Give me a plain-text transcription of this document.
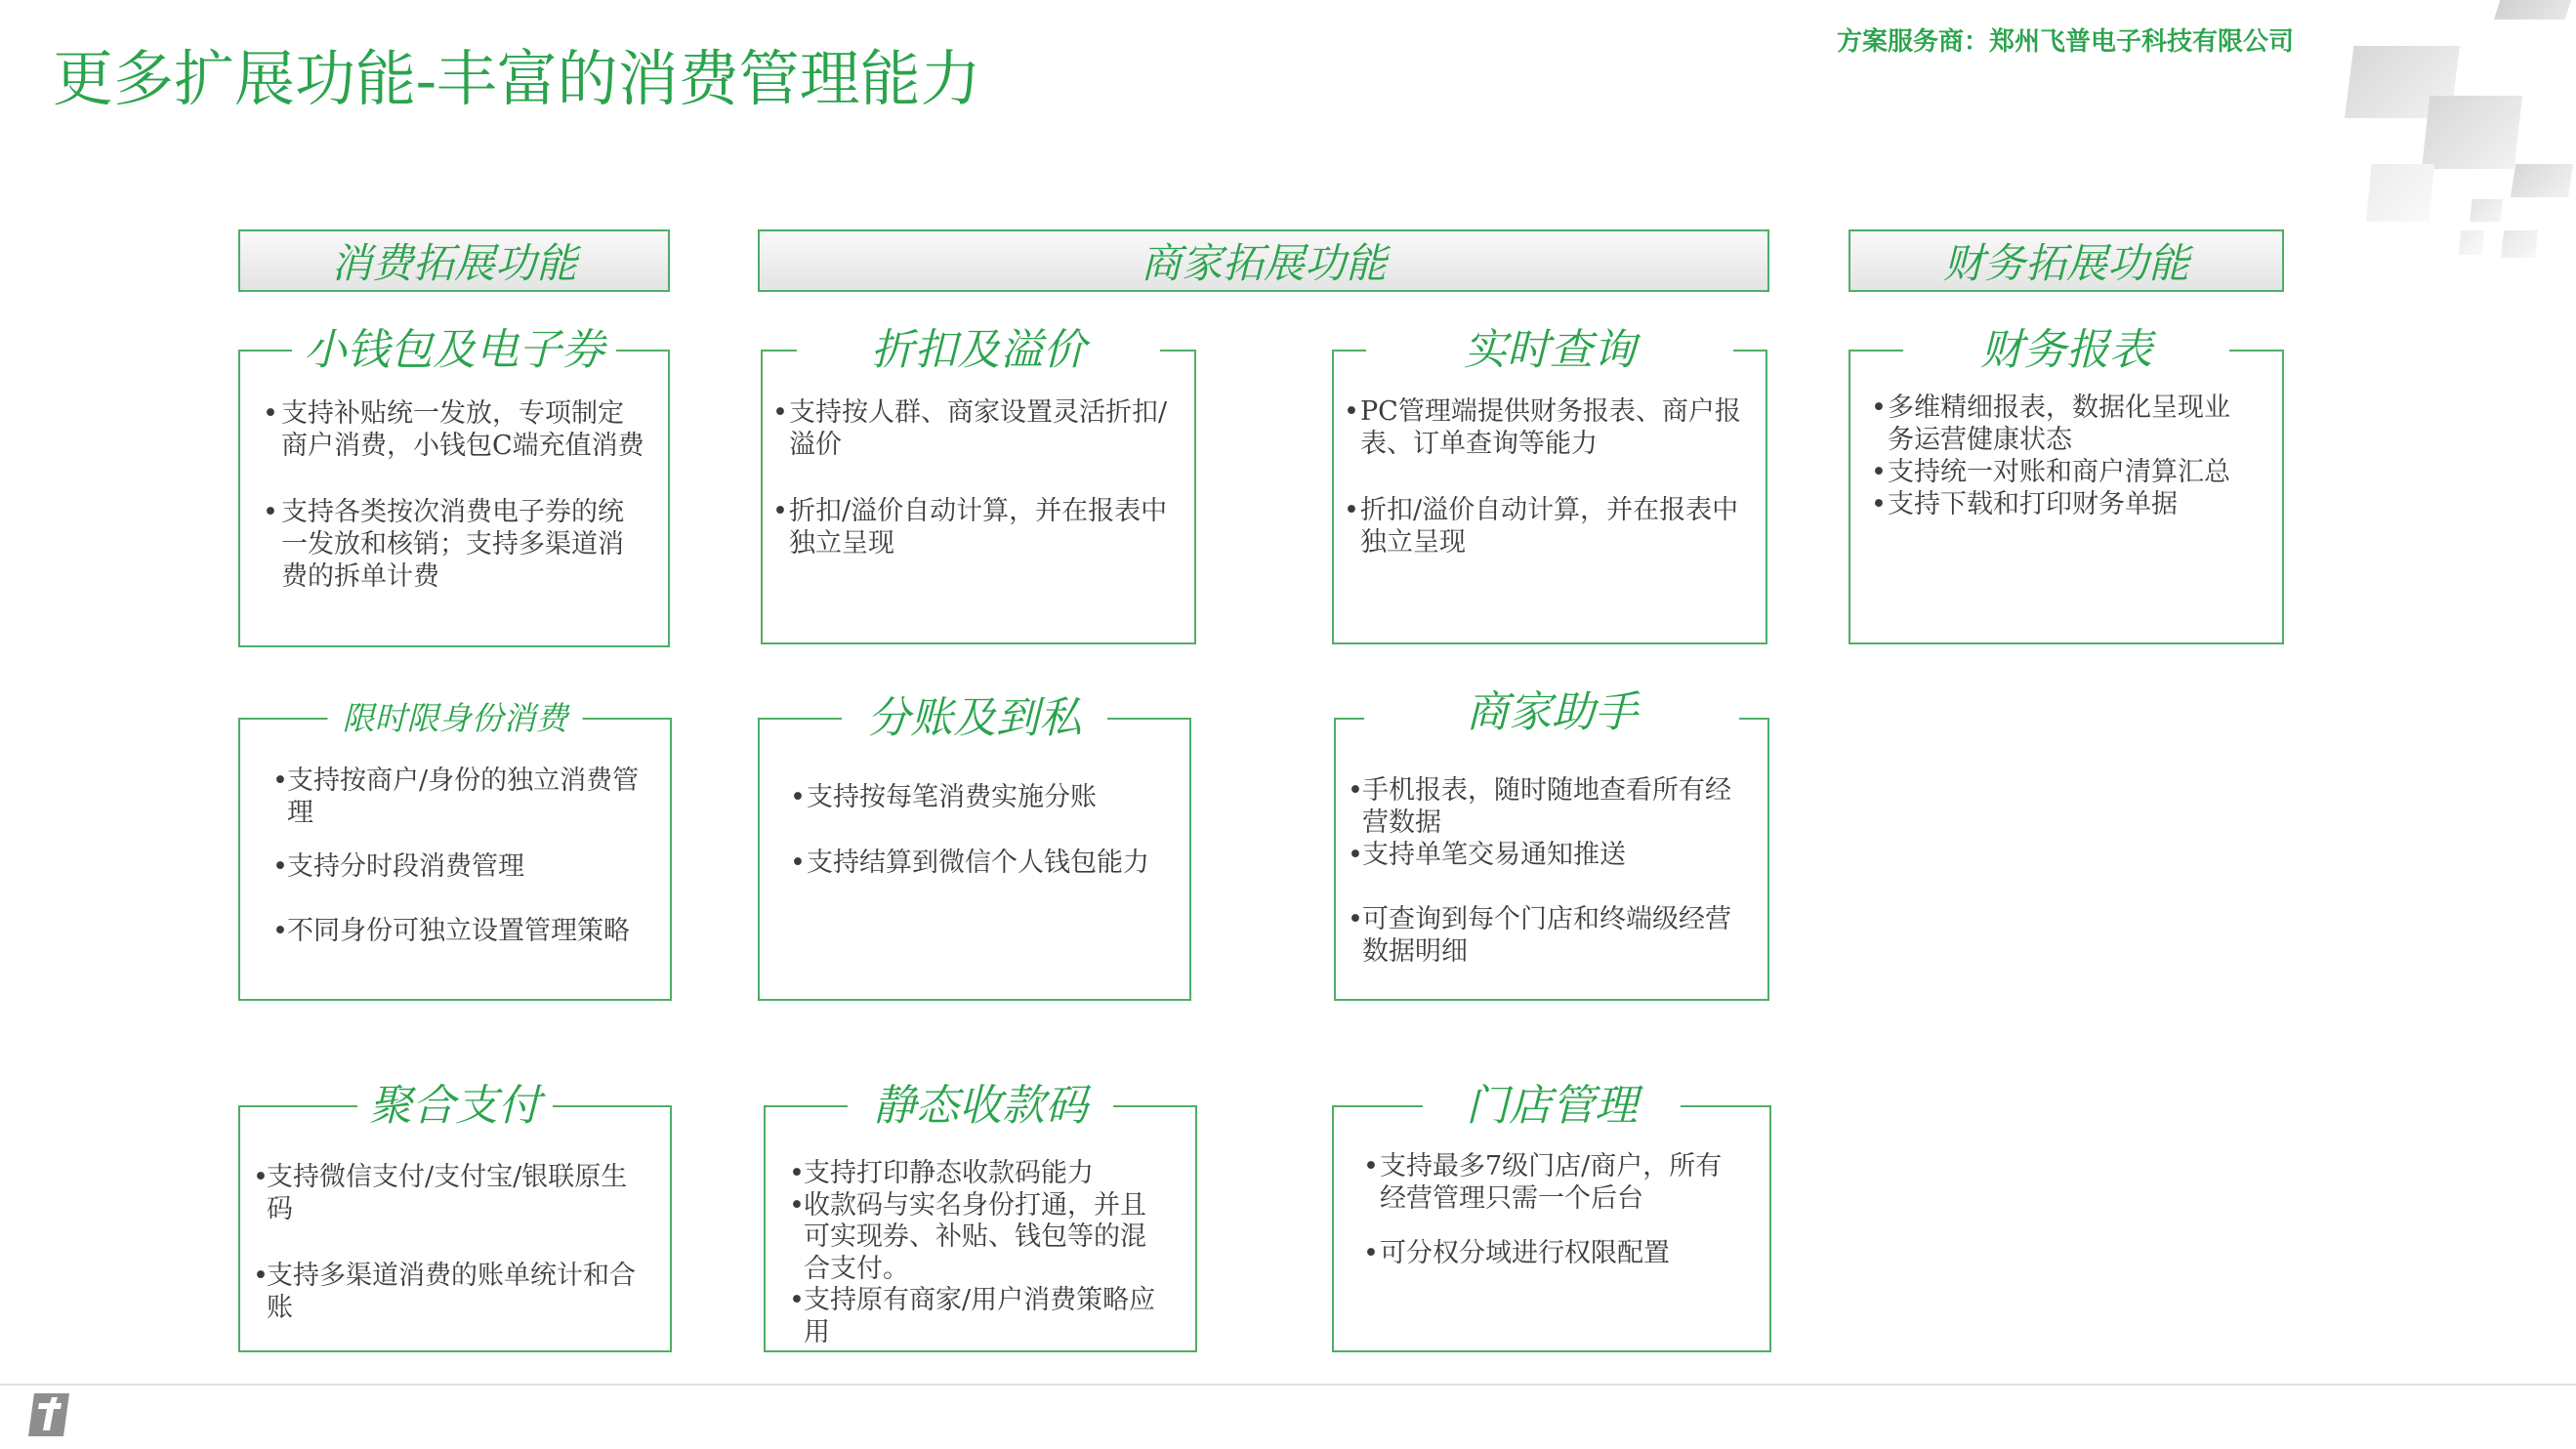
更多扩展功能-丰富的消费管理能力
方案服务商：郑州飞普电子科技有限公司
消费拓展功能	商家拓展功能	财务拓展功能
小钱包及电子券
• 支持补贴统一发放，专项制定商户消费，小钱包C端充值消费
• 支持各类按次消费电子券的统一发放和核销；支持多渠道消费的拆单计费
折扣及溢价
• 支持按人群、商家设置灵活折扣/溢价
• 折扣/溢价自动计算，并在报表中独立呈现
实时查询
• PC管理端提供财务报表、商户报表、订单查询等能力
• 折扣/溢价自动计算，并在报表中独立呈现
财务报表
• 多维精细报表，数据化呈现业务运营健康状态
• 支持统一对账和商户清算汇总
• 支持下载和打印财务单据
限时限身份消费
• 支持按商户/身份的独立消费管理
• 支持分时段消费管理
• 不同身份可独立设置管理策略
分账及到私
• 支持按每笔消费实施分账
• 支持结算到微信个人钱包能力
商家助手
• 手机报表，随时随地查看所有经营数据
• 支持单笔交易通知推送
• 可查询到每个门店和终端级经营数据明细
聚合支付
• 支持微信支付/支付宝/银联原生码
• 支持多渠道消费的账单统计和合账
静态收款码
• 支持打印静态收款码能力
• 收款码与实名身份打通，并且可实现券、补贴、钱包等的混合支付。
• 支持原有商家/用户消费策略应用
门店管理
• 支持最多7级门店/商户，所有经营管理只需一个后台
• 可分权分域进行权限配置
